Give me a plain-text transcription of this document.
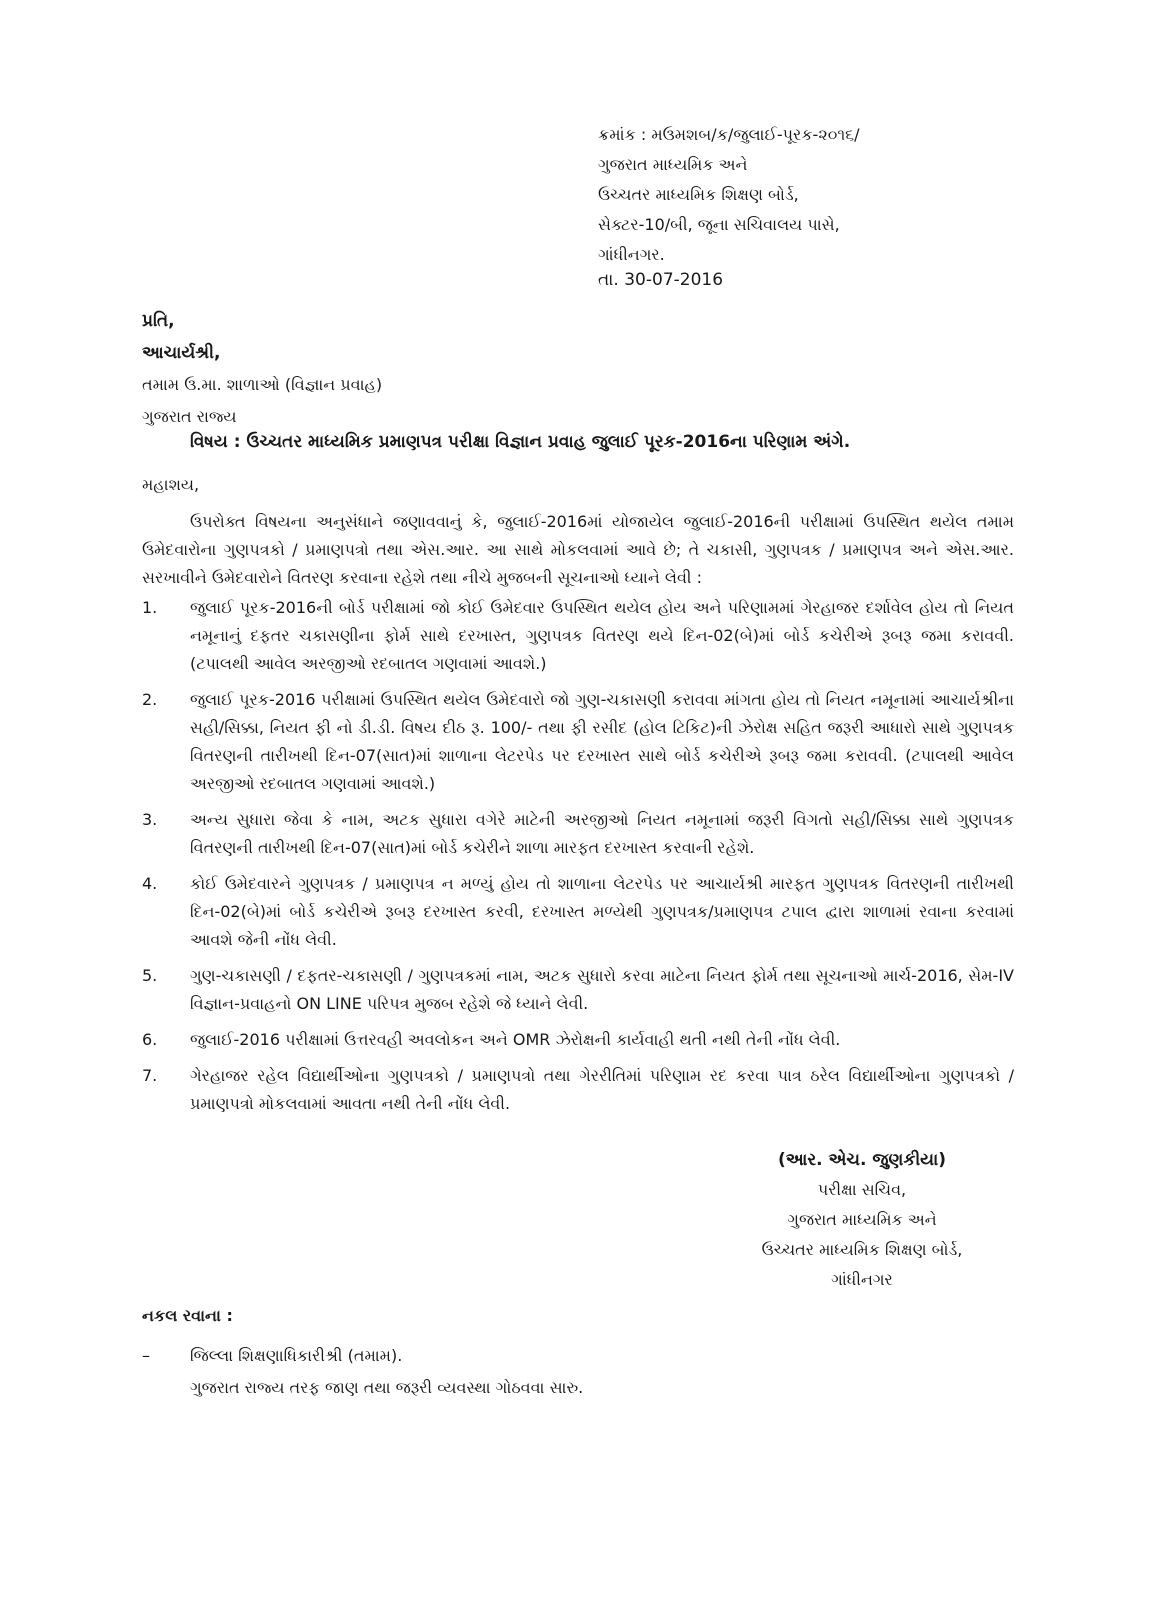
ક્રમાંક : મઉમશબ/ક/જુલાઈ-પૂરક-૨૦૧૬/
ગુજરાત માધ્યમિક અને
ઉચ્ચતર માધ્યમિક શિક્ષણ બોર્ડ,
સેક્ટર-10/બી, જૂના સચિવાલય પાસે,
ગાંધીનગર.
તા. 30-07-2016
પ્રતિ,
આચાર્યશ્રી,
તમામ ઉ.મા. શાળાઓ (વિજ્ઞાન પ્રવાહ)
ગુજરાત રાજ્ય
વિષય : ઉચ્ચતર માધ્યમિક પ્રમાણપત્ર પરીક્ષા વિજ્ઞાન પ્રવાહ જુલાઈ પૂરક-2016ના પરિણામ અંગે.
મહાશય,
ઉપરોક્ત વિષયના અનુસંધાને જણાવવાનું કે, જુલાઈ-2016માં યોજાયેલ જુલાઈ-2016ની પરીક્ષામાં ઉપસ્થિત થયેલ તમામ ઉમેદવારોના ગુણપત્રકો / પ્રમાણપત્રો તથા એસ.આર. આ સાથે મોકલવામાં આવે છે; તે ચકાસી, ગુણપત્રક / પ્રમાણપત્ર અને એસ.આર. સરખાવીને ઉમેદવારોને વિતરણ કરવાના રહેશે તથા નીચે મુજબની સૂચનાઓ ધ્યાને લેવી :
1.	જુલાઈ પૂરક-2016ની બોર્ડ પરીક્ષામાં જો કોઈ ઉમેદવાર ઉપસ્થિત થયેલ હોય અને પરિણામમાં ગેરહાજર દર્શાવેલ હોય તો નિયત નમૂનાનું દફતર ચકાસણીના ફોર્મ સાથે દરખાસ્ત, ગુણપત્રક વિતરણ થયે દિન-02(બે)માં બોર્ડ કચેરીએ રૂબરૂ જમા કરાવવી. (ટપાલથી આવેલ અરજીઓ રદબાતલ ગણવામાં આવશે.)
2.	જુલાઈ પૂરક-2016 પરીક્ષામાં ઉપસ્થિત થયેલ ઉમેદવારો જો ગુણ-ચકાસણી કરાવવા માંગતા હોય તો નિયત નમૂનામાં આચાર્યશ્રીના સહી/સિક્કા, નિયત ફી નો ડી.ડી. વિષય દીઠ રૂ. 100/- તથા ફી રસીદ (હોલ ટિકિટ)ની ઝેરોક્ષ સહિત જરૂરી આધારો સાથે ગુણપત્રક વિતરણની તારીખથી દિન-07(સાત)માં શાળાના લેટરપેડ પર દરખાસ્ત સાથે બોર્ડ કચેરીએ રૂબરૂ જમા કરાવવી. (ટપાલથી આવેલ અરજીઓ રદબાતલ ગણવામાં આવશે.)
3.	અન્ય સુધારા જેવા કે નામ, અટક સુધારા વગેરે માટેની અરજીઓ નિયત નમૂનામાં જરૂરી વિગતો સહી/સિક્કા સાથે ગુણપત્રક વિતરણની તારીખથી દિન-07(સાત)માં બોર્ડ કચેરીને શાળા મારફત દરખાસ્ત કરવાની રહેશે.
4.	કોઈ ઉમેદવારને ગુણપત્રક / પ્રમાણપત્ર ન મળ્યું હોય તો શાળાના લેટરપેડ પર આચાર્યશ્રી મારફત ગુણપત્રક વિતરણની તારીખથી દિન-02(બે)માં બોર્ડ કચેરીએ રૂબરૂ દરખાસ્ત કરવી, દરખાસ્ત મળ્યેથી ગુણપત્રક/પ્રમાણપત્ર ટપાલ દ્વારા શાળામાં રવાના કરવામાં આવશે જેની નોંધ લેવી.
5.	ગુણ-ચકાસણી / દફતર-ચકાસણી / ગુણપત્રકમાં નામ, અટક સુધારો કરવા માટેના નિયત ફોર્મ તથા સૂચનાઓ માર્ચ-2016, સેમ-IV વિજ્ઞાન-પ્રવાહનો ON LINE પરિપત્ર મુજબ રહેશે જે ધ્યાને લેવી.
6.	જુલાઈ-2016 પરીક્ષામાં ઉત્તરવહી અવલોકન અને OMR ઝેરોક્ષની કાર્યવાહી થતી નથી તેની નોંધ લેવી.
7.	ગેરહાજર રહેલ વિદ્યાર્થીઓના ગુણપત્રકો / પ્રમાણપત્રો તથા ગેરરીતિમાં પરિણામ રદ કરવા પાત્ર ઠરેલ વિદ્યાર્થીઓના ગુણપત્રકો / પ્રમાણપત્રો મોકલવામાં આવતા નથી તેની નોંધ લેવી.
(આર. એચ. જુણકીયા)
પરીક્ષા સચિવ,
ગુજરાત માધ્યમિક અને
ઉચ્ચતર માધ્યમિક શિક્ષણ બોર્ડ,
ગાંધીનગર
નકલ રવાના :
–	જિલ્લા શિક્ષણાધિકારીશ્રી (તમામ).
ગુજરાત રાજ્ય તરફ જાણ તથા જરૂરી વ્યવસ્થા ગોઠવવા સારુ.
